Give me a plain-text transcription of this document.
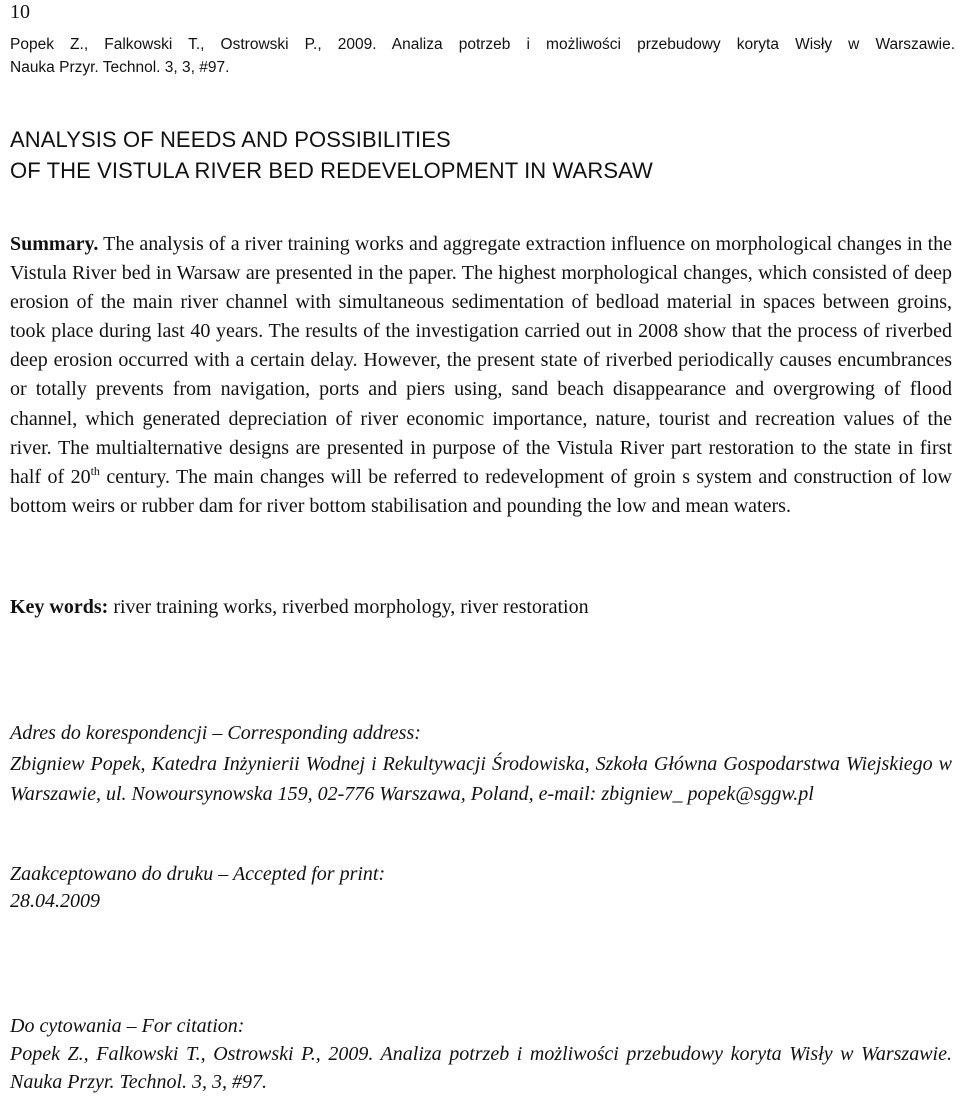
10
Popek Z., Falkowski T., Ostrowski P., 2009. Analiza potrzeb i możliwości przebudowy koryta Wisły w Warszawie.
Nauka Przyr. Technol. 3, 3, #97.
ANALYSIS OF NEEDS AND POSSIBILITIES
OF THE VISTULA RIVER BED REDEVELOPMENT IN WARSAW
Summary. The analysis of a river training works and aggregate extraction influence on morphological changes in the Vistula River bed in Warsaw are presented in the paper. The highest morphological changes, which consisted of deep erosion of the main river channel with simultaneous sedimentation of bedload material in spaces between groins, took place during last 40 years. The results of the investigation carried out in 2008 show that the process of riverbed deep erosion occurred with a certain delay. However, the present state of riverbed periodically causes encumbrances or totally prevents from navigation, ports and piers using, sand beach disappearance and overgrowing of flood channel, which generated depreciation of river economic importance, nature, tourist and recreation values of the river. The multialternative designs are presented in purpose of the Vistula River part restoration to the state in first half of 20th century. The main changes will be referred to redevelopment of groin s system and construction of low bottom weirs or rubber dam for river bottom stabilisation and pounding the low and mean waters.
Key words: river training works, riverbed morphology, river restoration
Adres do korespondencji – Corresponding address:
Zbigniew Popek, Katedra Inżynierii Wodnej i Rekultywacji Środowiska, Szkoła Główna Gospodarstwa Wiejskiego w Warszawie, ul. Nowoursynowska 159, 02-776 Warszawa, Poland, e-mail: zbigniew_ popek@sggw.pl
Zaakceptowano do druku – Accepted for print:
28.04.2009
Do cytowania – For citation:
Popek Z., Falkowski T., Ostrowski P., 2009. Analiza potrzeb i możliwości przebudowy koryta Wisły w Warszawie. Nauka Przyr. Technol. 3, 3, #97.
